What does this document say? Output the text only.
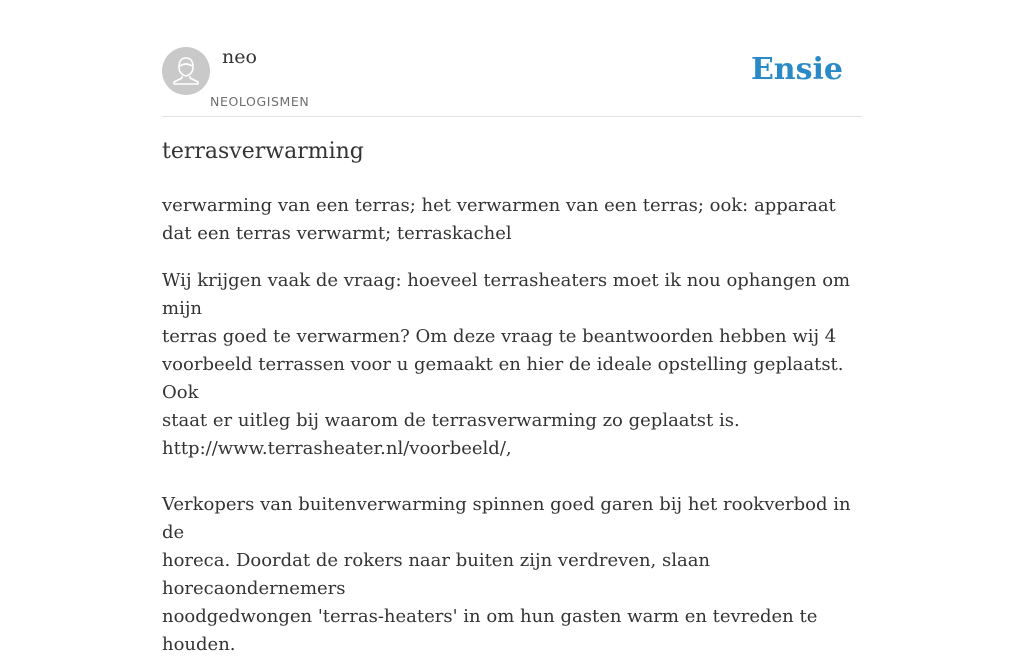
neo
NEOLOGISMEN
Ensie
terrasverwarming

verwarming van een terras; het verwarmen van een terras; ook: apparaat dat een terras verwarmt; terraskachel

Wij krijgen vaak de vraag: hoeveel terrasheaters moet ik nou ophangen om mijn
terras goed te verwarmen? Om deze vraag te beantwoorden hebben wij 4
voorbeeld terrassen voor u gemaakt en hier de ideale opstelling geplaatst. Ook
staat er uitleg bij waarom de terrasverwarming zo geplaatst is.
http://www.terrasheater.nl/voorbeeld/,

Verkopers van buitenverwarming spinnen goed garen bij het rookverbod in de
horeca. Doordat de rokers naar buiten zijn verdreven, slaan horecaondernemers
noodgedwongen 'terras-heaters' in om hun gasten warm en tevreden te houden.
